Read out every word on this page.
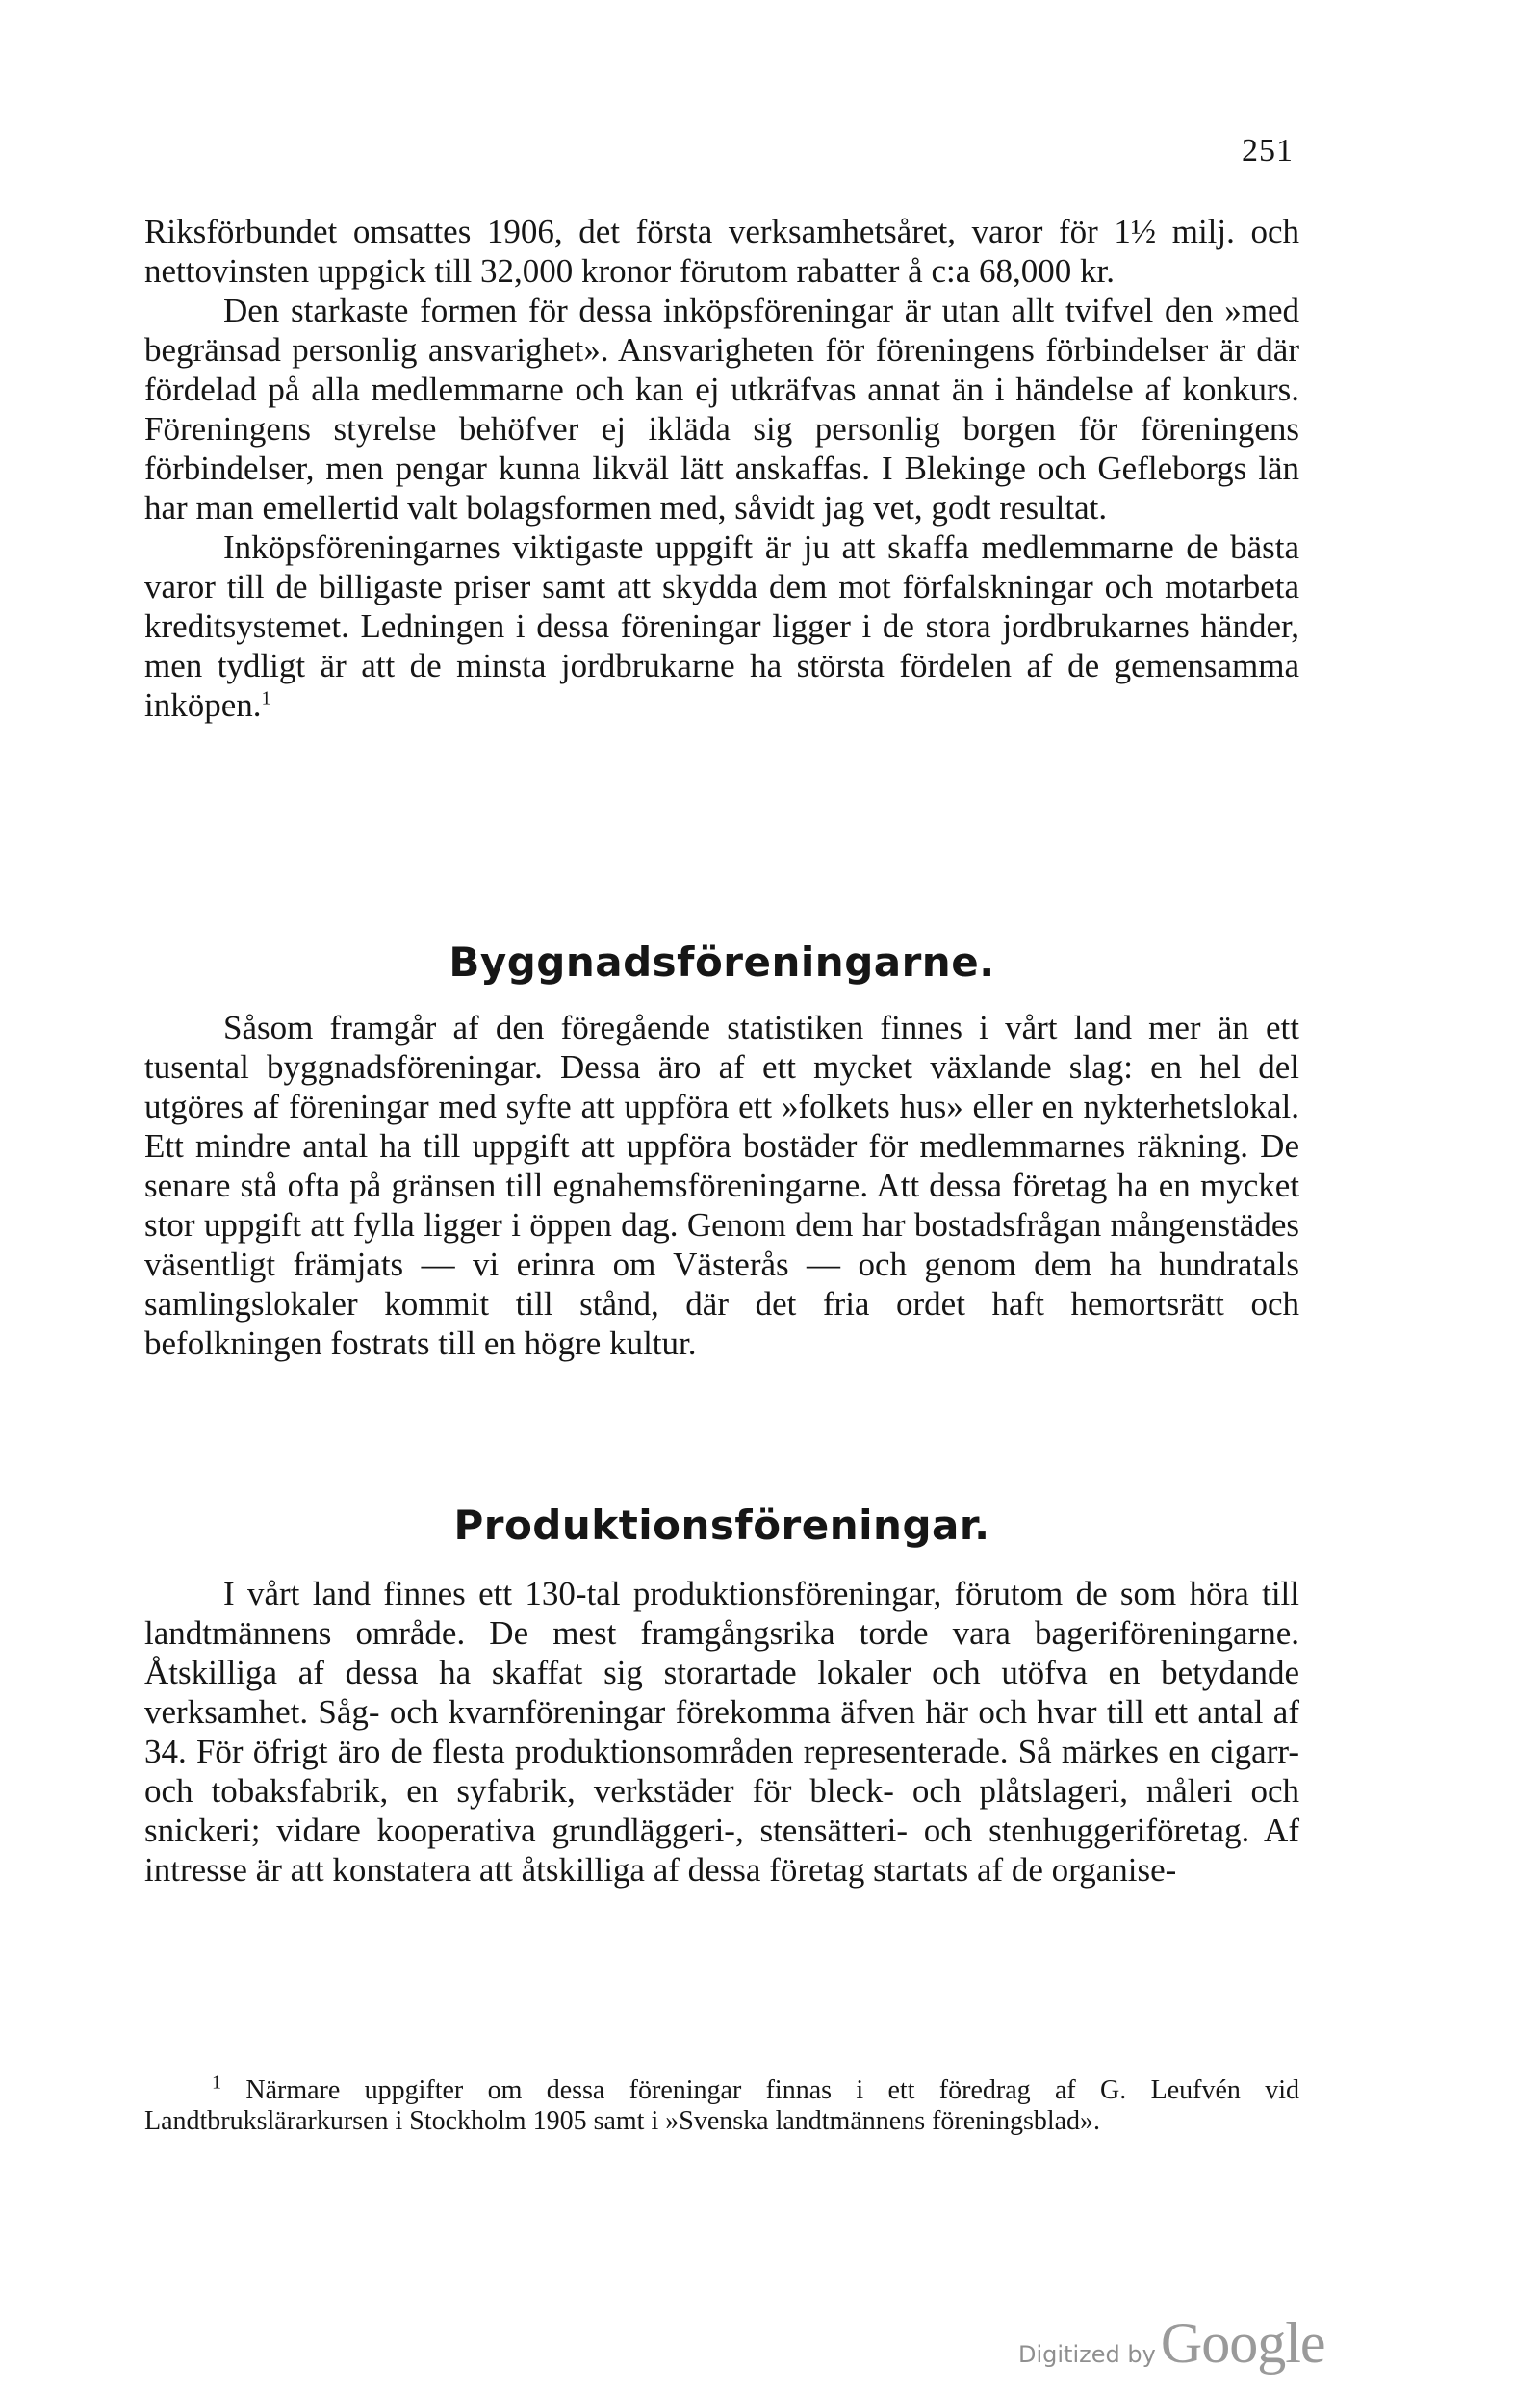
251

Riksförbundet omsattes 1906, det första verksamhetsåret, varor för 1½ milj. och nettovinsten uppgick till 32,000 kronor förutom rabatter å c:a 68,000 kr.

Den starkaste formen för dessa inköpsföreningar är utan allt tvifvel den »med begränsad personlig ansvarighet». Ansvarigheten för föreningens förbindelser är där fördelad på alla medlemmarne och kan ej utkräfvas annat än i händelse af konkurs. Föreningens styrelse behöfver ej ikläda sig personlig borgen för föreningens förbindelser, men pengar kunna likväl lätt anskaffas. I Blekinge och Gefleborgs län har man emellertid valt bolagsformen med, såvidt jag vet, godt resultat.

Inköpsföreningarnes viktigaste uppgift är ju att skaffa medlemmarne de bästa varor till de billigaste priser samt att skydda dem mot förfalskningar och motarbeta kreditsystemet. Ledningen i dessa föreningar ligger i de stora jordbrukarnes händer, men tydligt är att de minsta jordbrukarne ha största fördelen af de gemensamma inköpen.$^1$

Byggnadsföreningarne.

Såsom framgår af den föregående statistiken finnes i vårt land mer än ett tusental byggnadsföreningar. Dessa äro af ett mycket växlande slag: en hel del utgöres af föreningar med syfte att uppföra ett »folkets hus» eller en nykterhetslokal. Ett mindre antal ha till uppgift att uppföra bostäder för medlemmarnes räkning. De senare stå ofta på gränsen till egnahemsföreningarne. Att dessa företag ha en mycket stor uppgift att fylla ligger i öppen dag. Genom dem har bostadsfrågan mångenstädes väsentligt främjats — vi erinra om Västerås — och genom dem ha hundratals samlingslokaler kommit till stånd, där det fria ordet haft hemortsrätt och befolkningen fostrats till en högre kultur.

Produktionsföreningar.

I vårt land finnes ett 130-tal produktionsföreningar, förutom de som höra till landtmännens område. De mest framgångsrika torde vara bageriföreningarne. Åtskilliga af dessa ha skaffat sig storartade lokaler och utöfva en betydande verksamhet. Såg- och kvarnföreningar förekomma äfven här och hvar till ett antal af 34. För öfrigt äro de flesta produktionsområden representerade. Så märkes en cigarr- och tobaksfabrik, en syfabrik, verkstäder för bleck- och plåtslageri, måleri och snickeri; vidare kooperativa grundläggeri-, stensätteri- och stenhuggeriföretag. Af intresse är att konstatera att åtskilliga af dessa företag startats af de organise-

$^1$ Närmare uppgifter om dessa föreningar finnas i ett föredrag af G. Leufvén vid Landtbrukslärarkursen i Stockholm 1905 samt i »Svenska landtmännens föreningsblad».
Digitized by Google
